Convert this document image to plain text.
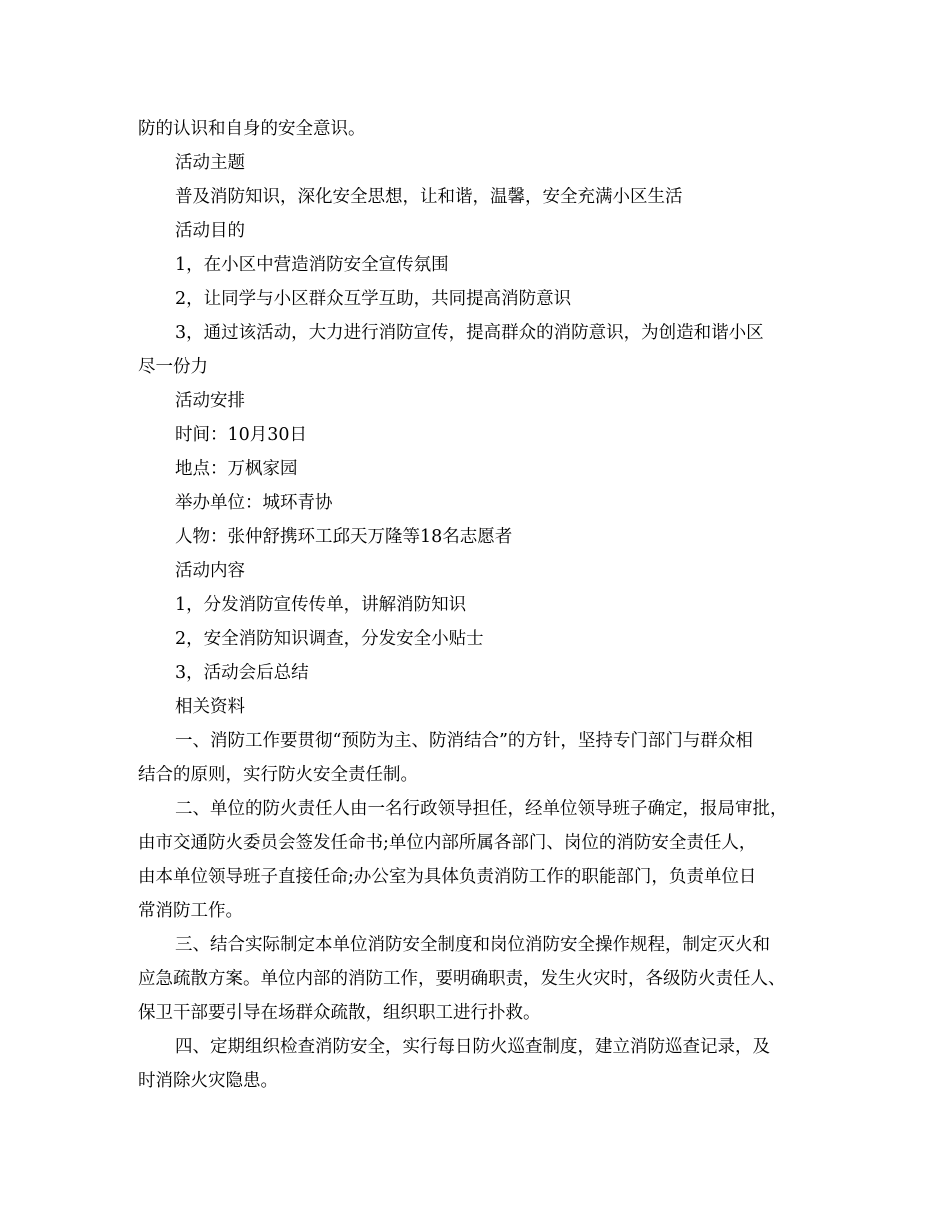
防的认识和自身的安全意识。

活动主题

普及消防知识，深化安全思想，让和谐，温馨，安全充满小区生活

活动目的

1，在小区中营造消防安全宣传氛围

2，让同学与小区群众互学互助，共同提高消防意识

3，通过该活动，大力进行消防宣传，提高群众的消防意识，为创造和谐小区

尽一份力

活动安排

时间：10月30日

地点：万枫家园

举办单位：城环青协

人物：张仲舒携环工邱天万隆等18名志愿者

活动内容

1，分发消防宣传传单，讲解消防知识

2，安全消防知识调查，分发安全小贴士

3，活动会后总结

相关资料

一、消防工作要贯彻“预防为主、防消结合”的方针，坚持专门部门与群众相

结合的原则，实行防火安全责任制。

二、单位的防火责任人由一名行政领导担任，经单位领导班子确定，报局审批，

由市交通防火委员会签发任命书;单位内部所属各部门、岗位的消防安全责任人，

由本单位领导班子直接任命;办公室为具体负责消防工作的职能部门，负责单位日

常消防工作。

三、结合实际制定本单位消防安全制度和岗位消防安全操作规程，制定灭火和

应急疏散方案。单位内部的消防工作，要明确职责，发生火灾时，各级防火责任人、

保卫干部要引导在场群众疏散，组织职工进行扑救。

四、定期组织检查消防安全，实行每日防火巡查制度，建立消防巡查记录，及

时消除火灾隐患。
